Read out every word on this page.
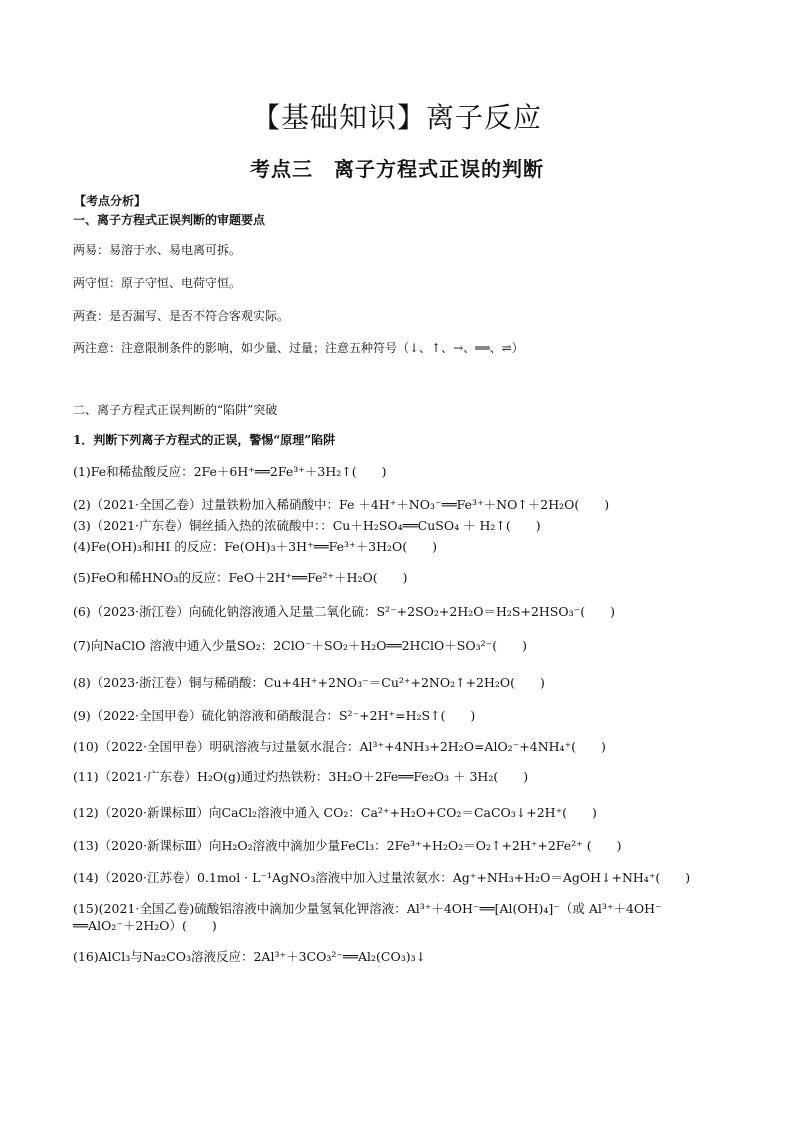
【基础知识】离子反应
考点三　离子方程式正误的判断
【考点分析】
一、离子方程式正误判断的审题要点
两易：易溶于水、易电离可拆。
两守恒：原子守恒、电荷守恒。
两查：是否漏写、是否不符合客观实际。
两注意：注意限制条件的影响，如少量、过量；注意五种符号（↓、↑、→、══、⇌）
二、离子方程式正误判断的“陷阱”突破
1．判断下列离子方程式的正误，警惕“原理”陷阱
(1)Fe和稀盐酸反应：2Fe＋6H⁺══2Fe³⁺＋3H₂↑(　　)
(2)（2021·全国乙卷）过量铁粉加入稀硝酸中：Fe ＋4H⁺＋NO₃⁻══Fe³⁺＋NO↑＋2H₂O(　　)
(3)（2021·广东卷）铜丝插入热的浓硫酸中：：Cu＋H₂SO₄══CuSO₄ ＋ H₂↑(　　)
(4)Fe(OH)₃和HI 的反应：Fe(OH)₃＋3H⁺══Fe³⁺＋3H₂O(　　)
(5)FeO和稀HNO₃的反应：FeO＋2H⁺══Fe²⁺＋H₂O(　　)
(6)（2023·浙江卷）向硫化钠溶液通入足量二氧化硫：S²⁻+2SO₂+2H₂O＝H₂S+2HSO₃⁻(　　)
(7)向NaClO 溶液中通入少量SO₂：2ClO⁻＋SO₂＋H₂O══2HClO＋SO₃²⁻(　　)
(8)（2023·浙江卷）铜与稀硝酸：Cu+4H⁺+2NO₃⁻＝Cu²⁺+2NO₂↑+2H₂O(　　)
(9)（2022·全国甲卷）硫化钠溶液和硝酸混合：S²⁻+2H⁺=H₂S↑(　　)
(10)（2022·全国甲卷）明矾溶液与过量氨水混合：Al³⁺+4NH₃+2H₂O=AlO₂⁻+4NH₄⁺(　　)
(11)（2021·广东卷）H₂O(g)通过灼热铁粉：3H₂O＋2Fe══Fe₂O₃ ＋ 3H₂(　　)
(12)（2020·新课标Ⅲ）向CaCl₂溶液中通入 CO₂：Ca²⁺+H₂O+CO₂＝CaCO₃↓+2H⁺(　　)
(13)（2020·新课标Ⅲ）向H₂O₂溶液中滴加少量FeCl₃：2Fe³⁺+H₂O₂＝O₂↑+2H⁺+2Fe²⁺ (　　)
(14)（2020·江苏卷）0.1mol · L⁻¹AgNO₃溶液中加入过量浓氨水：Ag⁺+NH₃+H₂O＝AgOH↓+NH₄⁺(　　)
(15)(2021·全国乙卷)硫酸铝溶液中滴加少量氢氧化钾溶液：Al³⁺＋4OH⁻══[Al(OH)₄]⁻（或 Al³⁺＋4OH⁻
══AlO₂⁻＋2H₂O）(　　)
(16)AlCl₃与Na₂CO₃溶液反应：2Al³⁺＋3CO₃²⁻══Al₂(CO₃)₃↓
